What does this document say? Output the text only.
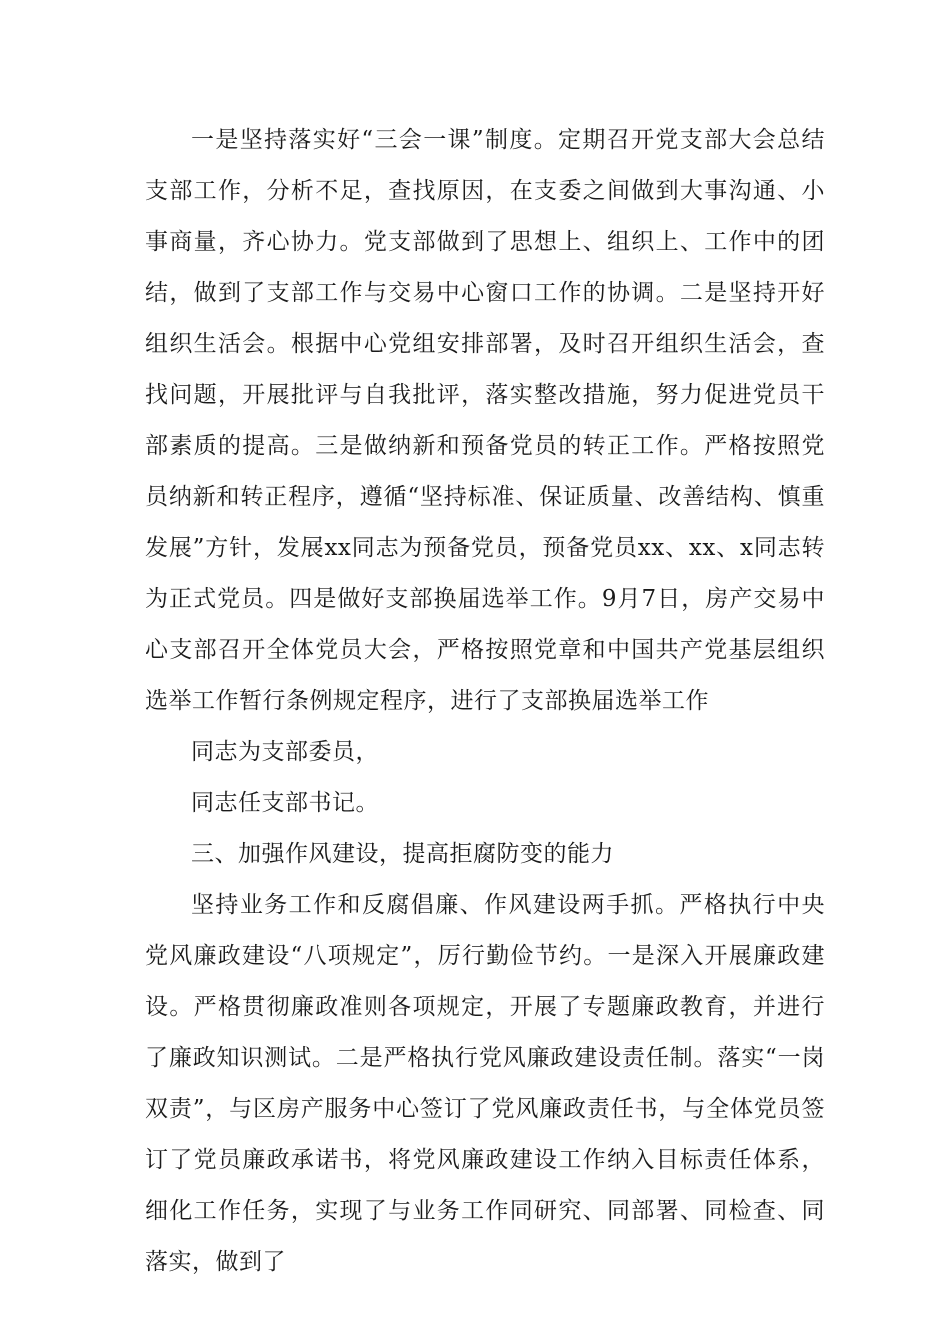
一是坚持落实好“三会一课”制度。定期召开党支部大会总结支部工作，分析不足，查找原因，在支委之间做到大事沟通、小事商量，齐心协力。党支部做到了思想上、组织上、工作中的团结，做到了支部工作与交易中心窗口工作的协调。二是坚持开好组织生活会。根据中心党组安排部署，及时召开组织生活会，查找问题，开展批评与自我批评，落实整改措施，努力促进党员干部素质的提高。三是做纳新和预备党员的转正工作。严格按照党员纳新和转正程序，遵循“坚持标准、保证质量、改善结构、慎重发展”方针，发展xx同志为预备党员，预备党员xx、xx、x同志转为正式党员。四是做好支部换届选举工作。9月7日，房产交易中心支部召开全体党员大会，严格按照党章和中国共产党基层组织选举工作暂行条例规定程序，进行了支部换届选举工作

同志为支部委员，

同志任支部书记。

三、加强作风建设，提高拒腐防变的能力

坚持业务工作和反腐倡廉、作风建设两手抓。严格执行中央党风廉政建设“八项规定”，厉行勤俭节约。一是深入开展廉政建设。严格贯彻廉政准则各项规定，开展了专题廉政教育，并进行了廉政知识测试。二是严格执行党风廉政建设责任制。落实“一岗双责”，与区房产服务中心签订了党风廉政责任书，与全体党员签订了党员廉政承诺书，将党风廉政建设工作纳入目标责任体系，细化工作任务，实现了与业务工作同研究、同部署、同检查、同落实，做到了
